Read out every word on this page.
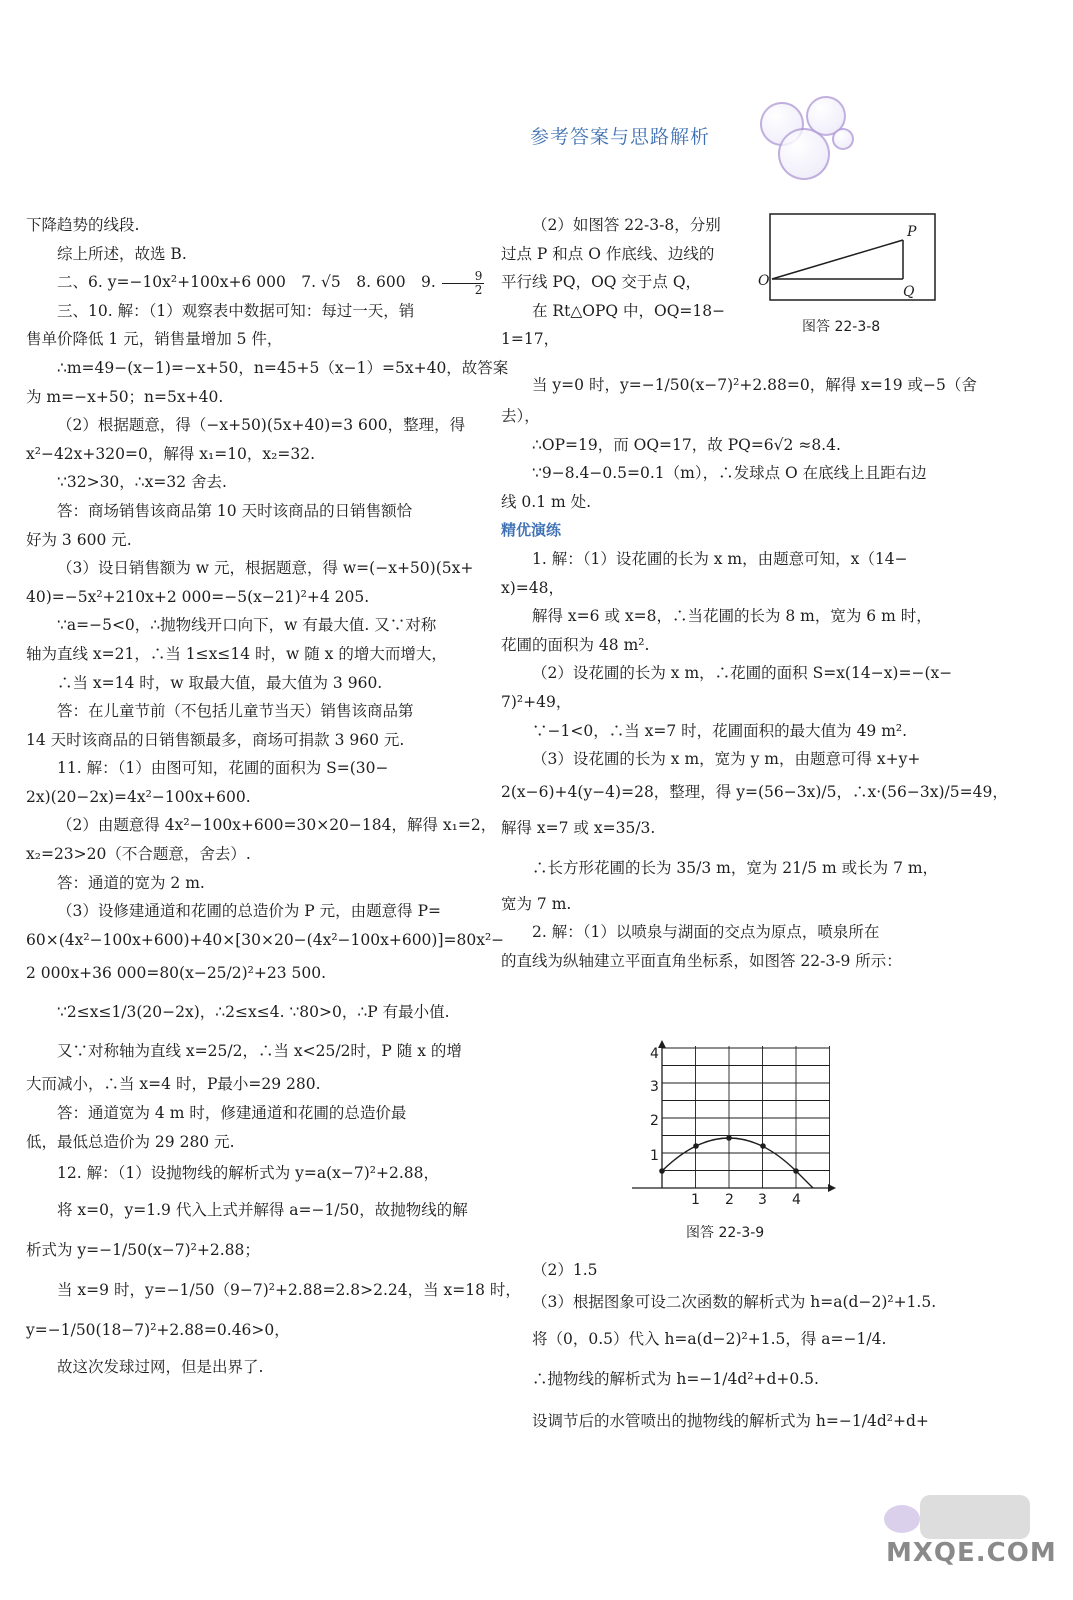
参考答案与思路解析

下降趋势的线段.

综上所述，故选 B.

二、6. y=−10x²+100x+6 000　7. √5　8. 600　9. $\frac{9}{2}$

三、10. 解：（1）观察表中数据可知：每过一天，销

售单价降低 1 元，销售量增加 5 件，

∴m=49−(x−1)=−x+50，n=45+5（x−1）=5x+40，故答案

为 m=−x+50；n=5x+40.

（2）根据题意，得（−x+50)(5x+40)=3 600，整理，得

x²−42x+320=0，解得 x₁=10，x₂=32.

∵32>30，∴x=32 舍去.

答：商场销售该商品第 10 天时该商品的日销售额恰

好为 3 600 元.

（3）设日销售额为 w 元，根据题意，得 w=(−x+50)(5x+

40)=−5x²+210x+2 000=−5(x−21)²+4 205.

∵a=−5<0，∴抛物线开口向下，w 有最大值. 又∵对称

轴为直线 x=21，∴当 1≤x≤14 时，w 随 x 的增大而增大，

∴当 x=14 时，w 取最大值，最大值为 3 960.

答：在儿童节前（不包括儿童节当天）销售该商品第

14 天时该商品的日销售额最多，商场可捐款 3 960 元.

11. 解：（1）由图可知，花圃的面积为 S=(30−

2x)(20−2x)=4x²−100x+600.

（2）由题意得 4x²−100x+600=30×20−184，解得 x₁=2，

x₂=23>20（不合题意，舍去）.

答：通道的宽为 2 m.

（3）设修建通道和花圃的总造价为 P 元，由题意得 P=

60×(4x²−100x+600)+40×[30×20−(4x²−100x+600)]=80x²−

2 000x+36 000=80(x−25/2)²+23 500.

∵2≤x≤1/3(20−2x)，∴2≤x≤4. ∵80>0，∴P 有最小值.

又∵对称轴为直线 x=25/2，∴当 x<25/2时，P 随 x 的增

大而减小，∴当 x=4 时，P最小=29 280.

答：通道宽为 4 m 时，修建通道和花圃的总造价最

低，最低总造价为 29 280 元.

12. 解：（1）设抛物线的解析式为 y=a(x−7)²+2.88，

将 x=0，y=1.9 代入上式并解得 a=−1/50，故抛物线的解

析式为 y=−1/50(x−7)²+2.88；

当 x=9 时，y=−1/50（9−7)²+2.88=2.8>2.24，当 x=18 时，

y=−1/50(18−7)²+2.88=0.46>0，

故这次发球过网，但是出界了.

（2）如图答 22-3-8，分别

过点 P 和点 O 作底线、边线的

平行线 PQ，OQ 交于点 Q，

在 Rt△OPQ 中，OQ=18−

1=17，

当 y=0 时，y=−1/50(x−7)²+2.88=0，解得 x=19 或−5（舍

去），

∴OP=19，而 OQ=17，故 PQ=6√2 ≈8.4.

∵9−8.4−0.5=0.1（m），∴发球点 O 在底线上且距右边

线 0.1 m 处.

精优演练

1. 解：（1）设花圃的长为 x m，由题意可知，x（14−

x)=48，

解得 x=6 或 x=8，∴当花圃的长为 8 m，宽为 6 m 时，

花圃的面积为 48 m².

（2）设花圃的长为 x m，∴花圃的面积 S=x(14−x)=−(x−

7)²+49，

∵−1<0，∴当 x=7 时，花圃面积的最大值为 49 m².

（3）设花圃的长为 x m，宽为 y m，由题意可得 x+y+

2(x−6)+4(y−4)=28，整理，得 y=(56−3x)/5，∴x·(56−3x)/5=49，

解得 x=7 或 x=35/3.

∴长方形花圃的长为 35/3 m，宽为 21/5 m 或长为 7 m，

宽为 7 m.

2. 解：（1）以喷泉与湖面的交点为原点，喷泉所在

的直线为纵轴建立平面直角坐标系，如图答 22-3-9 所示：

（2）1.5

（3）根据图象可设二次函数的解析式为 h=a(d−2)²+1.5.

将（0，0.5）代入 h=a(d−2)²+1.5，得 a=−1/4.

∴抛物线的解析式为 h=−1/4d²+d+0.5.

设调节后的水管喷出的抛物线的解析式为 h=−1/4d²+d+

P
O
Q
图答 22-3-8
1 2 3 4
1
2
3
4
图答 22-3-9
MXQE.COM
